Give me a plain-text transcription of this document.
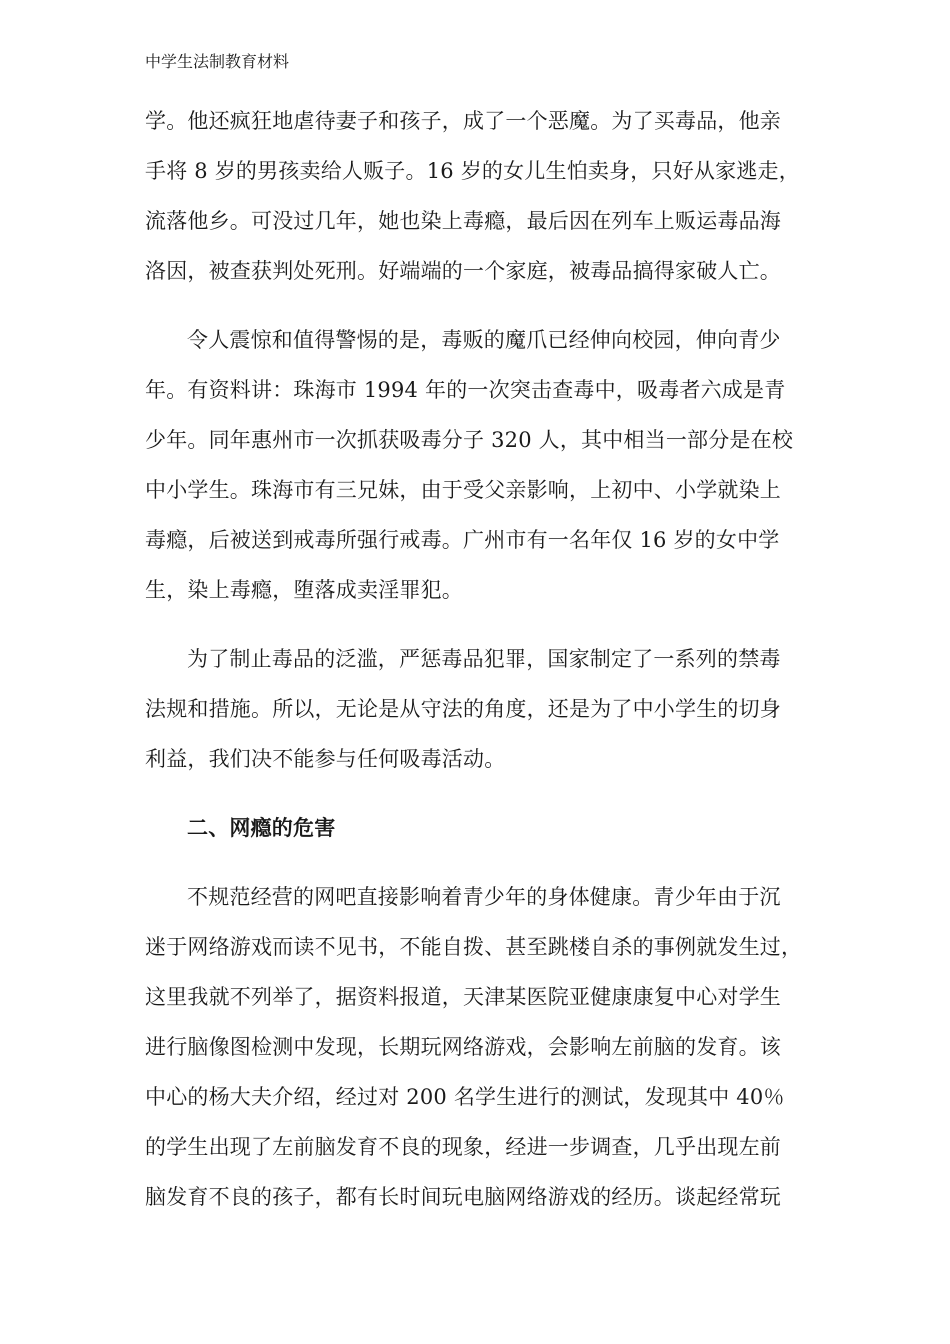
中学生法制教育材料
学。他还疯狂地虐待妻子和孩子，成了一个恶魔。为了买毒品，他亲
手将 8 岁的男孩卖给人贩子。16 岁的女儿生怕卖身，只好从家逃走，
流落他乡。可没过几年，她也染上毒瘾，最后因在列车上贩运毒品海
洛因，被查获判处死刑。好端端的一个家庭，被毒品搞得家破人亡。
令人震惊和值得警惕的是，毒贩的魔爪已经伸向校园，伸向青少
年。有资料讲：珠海市 1994 年的一次突击查毒中，吸毒者六成是青
少年。同年惠州市一次抓获吸毒分子 320 人，其中相当一部分是在校
中小学生。珠海市有三兄妹，由于受父亲影响，上初中、小学就染上
毒瘾，后被送到戒毒所强行戒毒。广州市有一名年仅 16 岁的女中学
生，染上毒瘾，堕落成卖淫罪犯。
为了制止毒品的泛滥，严惩毒品犯罪，国家制定了一系列的禁毒
法规和措施。所以，无论是从守法的角度，还是为了中小学生的切身
利益，我们决不能参与任何吸毒活动。
二、网瘾的危害
不规范经营的网吧直接影响着青少年的身体健康。青少年由于沉
迷于网络游戏而读不见书，不能自拨、甚至跳楼自杀的事例就发生过，
这里我就不列举了，据资料报道，天津某医院亚健康康复中心对学生
进行脑像图检测中发现，长期玩网络游戏，会影响左前脑的发育。该
中心的杨大夫介绍，经过对 200 名学生进行的测试，发现其中 40％
的学生出现了左前脑发育不良的现象，经进一步调查，几乎出现左前
脑发育不良的孩子，都有长时间玩电脑网络游戏的经历。谈起经常玩
